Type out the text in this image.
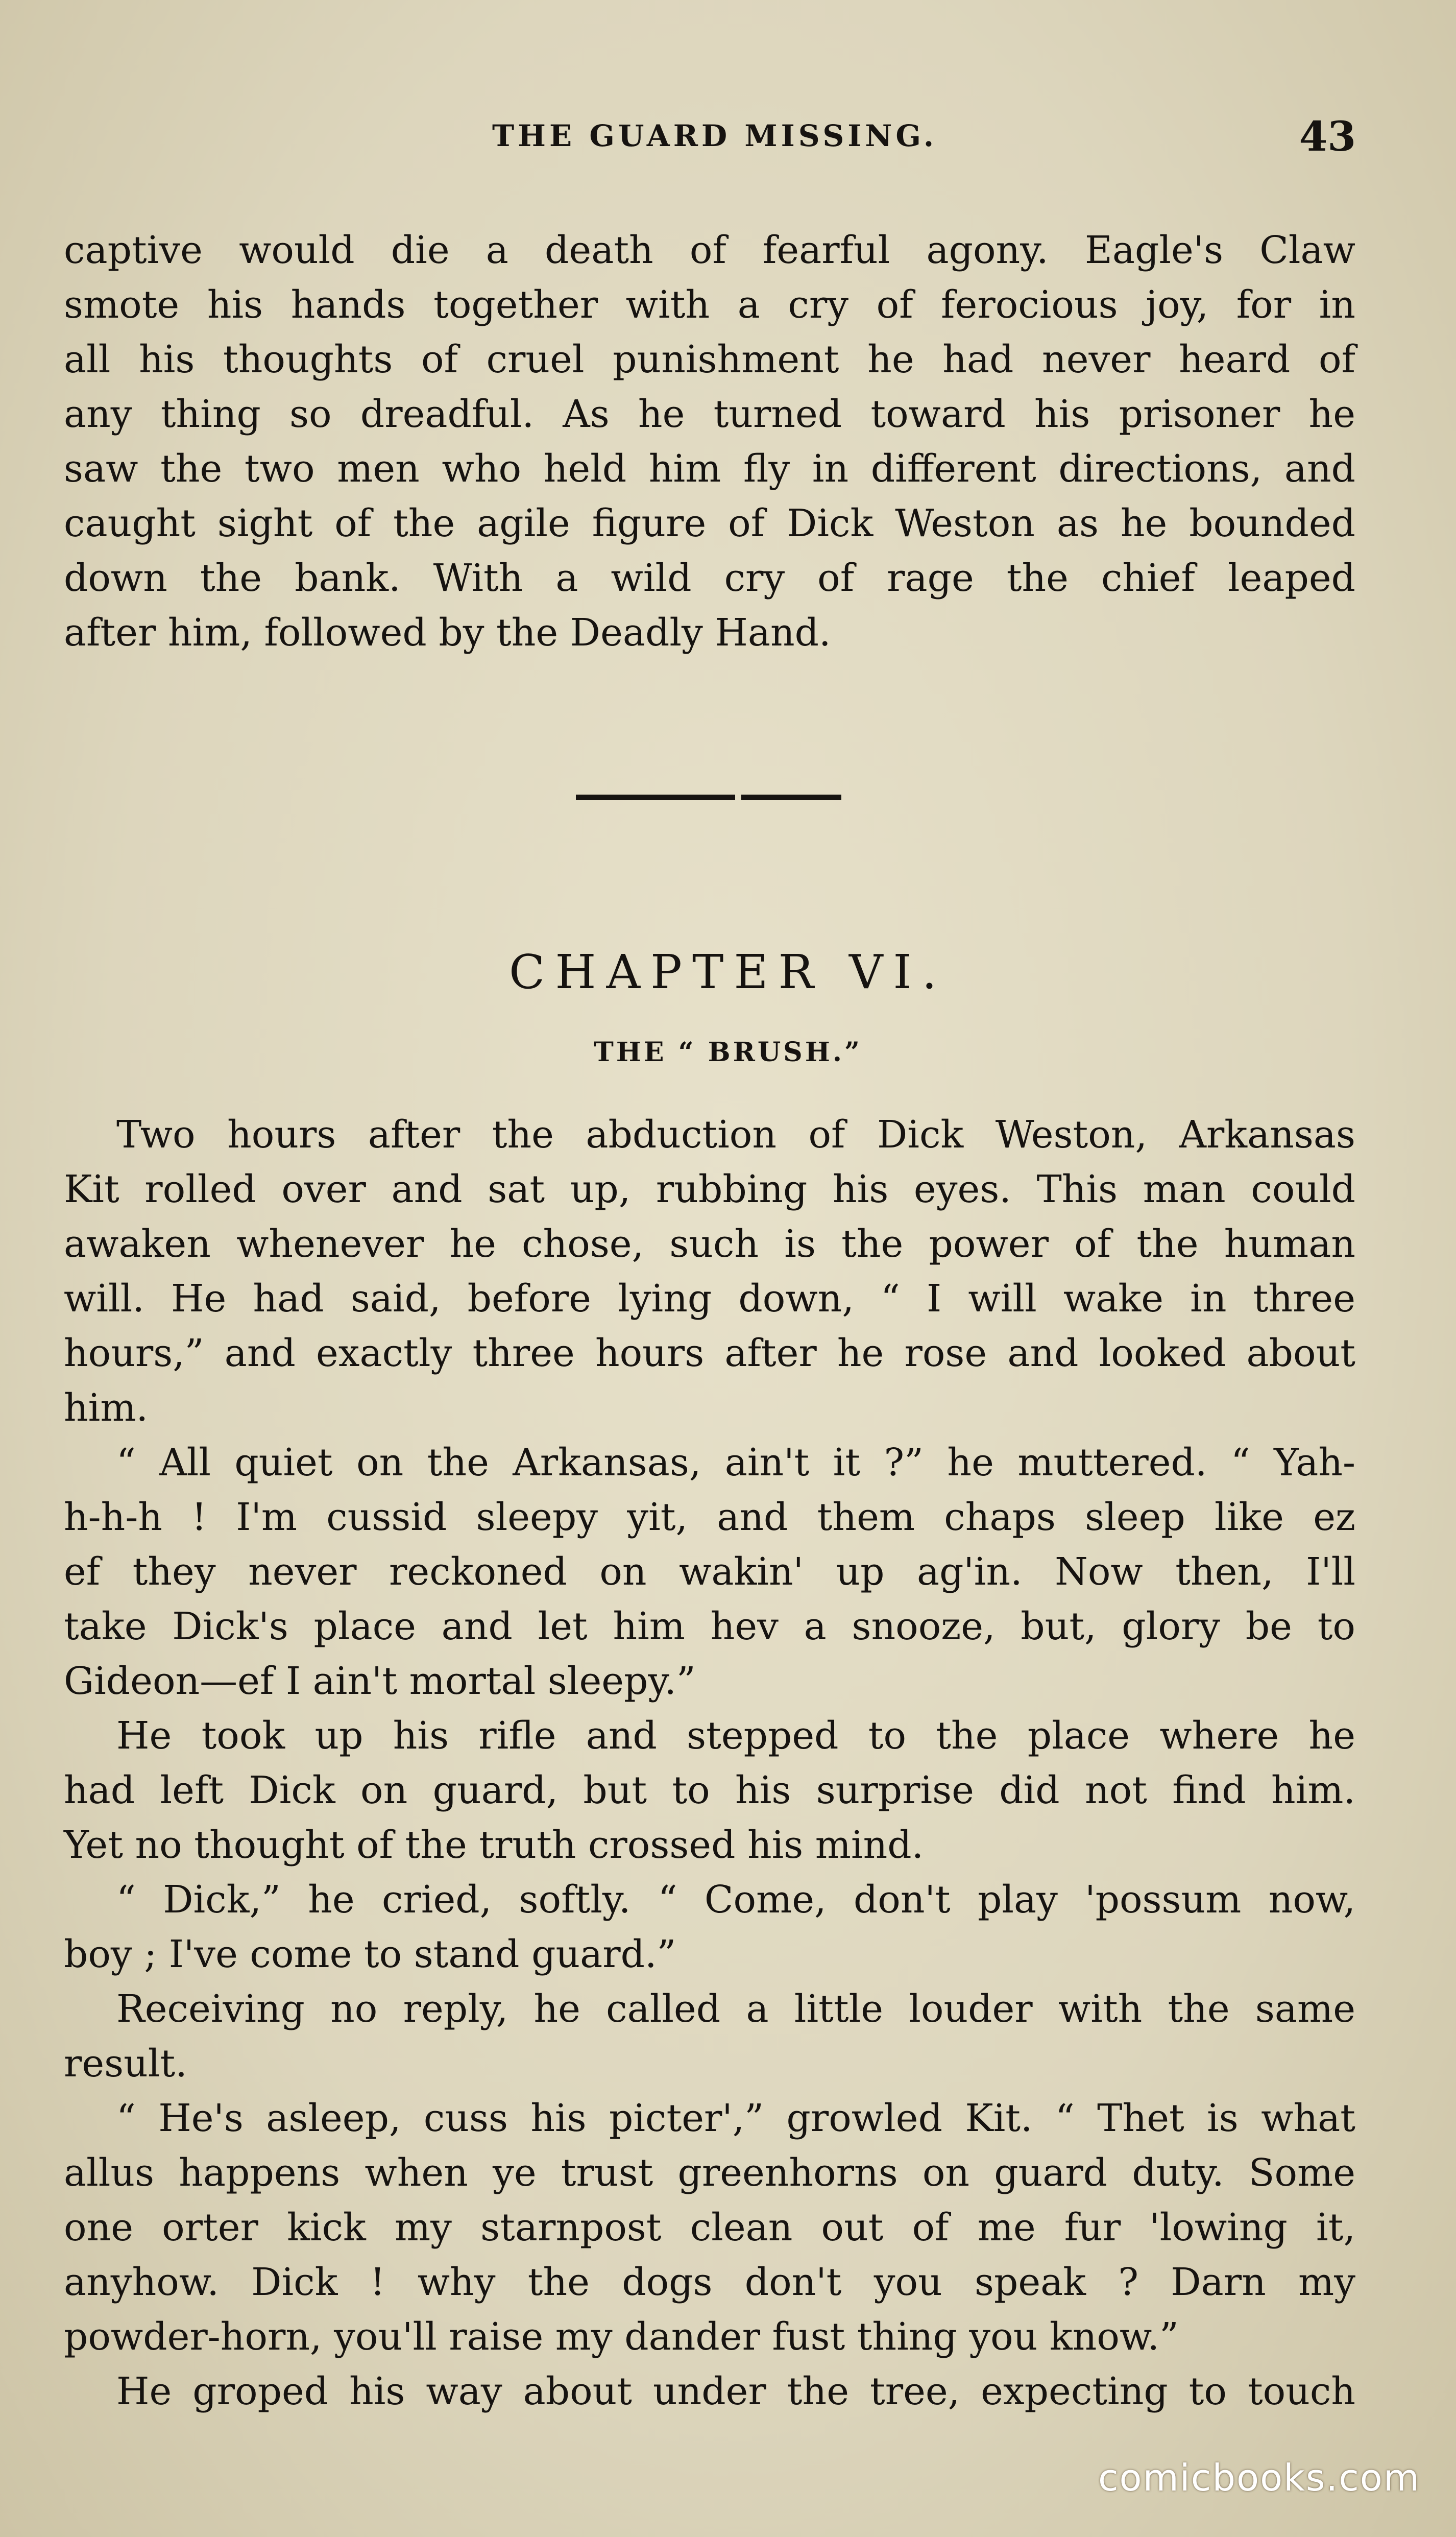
THE GUARD MISSING.	43
captive would die a death of fearful agony. Eagle's Claw
smote his hands together with a cry of ferocious joy, for in
all his thoughts of cruel punishment he had never heard of
any thing so dreadful. As he turned toward his prisoner he
saw the two men who held him fly in different directions, and
caught sight of the agile figure of Dick Weston as he bounded
down the bank. With a wild cry of rage the chief leaped
after him, followed by the Deadly Hand.
CHAPTER VI.
THE “ BRUSH.”
Two hours after the abduction of Dick Weston, Arkansas
Kit rolled over and sat up, rubbing his eyes. This man could
awaken whenever he chose, such is the power of the human
will. He had said, before lying down, “ I will wake in three
hours,” and exactly three hours after he rose and looked about
him.
“ All quiet on the Arkansas, ain't it ?” he muttered. “ Yah-
h-h-h ! I'm cussid sleepy yit, and them chaps sleep like ez
ef they never reckoned on wakin' up ag'in. Now then, I'll
take Dick's place and let him hev a snooze, but, glory be to
Gideon—ef I ain't mortal sleepy.”
He took up his rifle and stepped to the place where he
had left Dick on guard, but to his surprise did not find him.
Yet no thought of the truth crossed his mind.
“ Dick,” he cried, softly. “ Come, don't play 'possum now,
boy ; I've come to stand guard.”
Receiving no reply, he called a little louder with the same
result.
“ He's asleep, cuss his picter',” growled Kit. “ Thet is what
allus happens when ye trust greenhorns on guard duty. Some
one orter kick my starnpost clean out of me fur 'lowing it,
anyhow. Dick ! why the dogs don't you speak ? Darn my
powder-horn, you'll raise my dander fust thing you know.”
He groped his way about under the tree, expecting to touch
comicbooks.com
